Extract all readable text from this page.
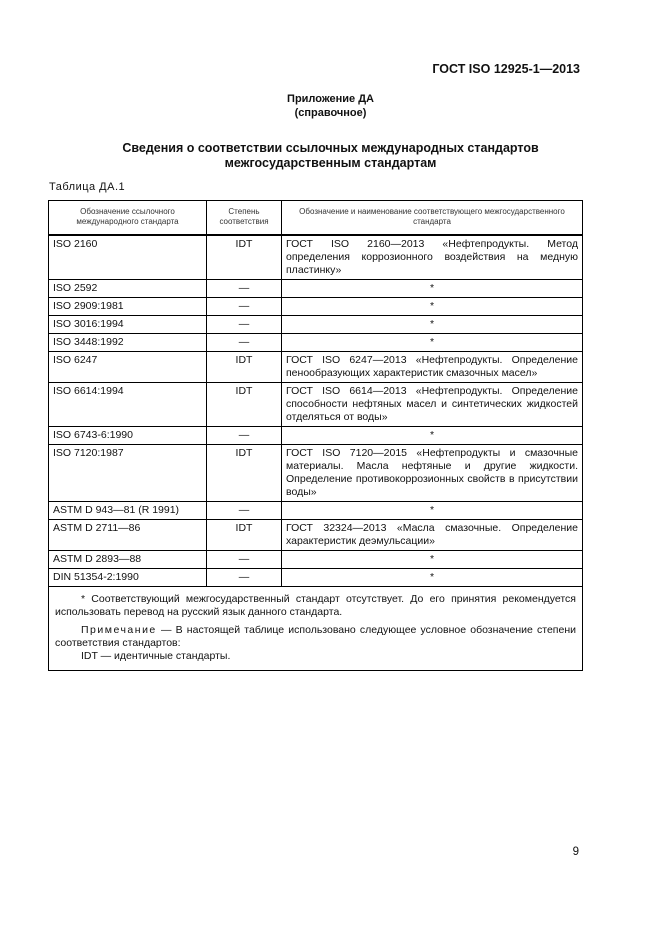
ГОСТ ISO 12925-1—2013
Приложение ДА
(справочное)
Сведения о соответствии ссылочных международных стандартов
межгосударственным стандартам
Таблица ДА.1
Обозначение ссылочного международного стандарта	Степень соответствия	Обозначение и наименование соответствующего межгосударственного стандарта
ISO 2160	IDT	ГОСТ ISO 2160—2013 «Нефтепродукты. Метод определения коррозионного воздействия на медную пластинку»
ISO 2592	—	*
ISO 2909:1981	—	*
ISO 3016:1994	—	*
ISO 3448:1992	—	*
ISO 6247	IDT	ГОСТ ISO 6247—2013 «Нефтепродукты. Определение пенообразующих характеристик смазочных масел»
ISO 6614:1994	IDT	ГОСТ ISO 6614—2013 «Нефтепродукты. Определение способности нефтяных масел и синтетических жидкостей отделяться от воды»
ISO 6743-6:1990	—	*
ISO 7120:1987	IDT	ГОСТ ISO 7120—2015 «Нефтепродукты и смазочные материалы. Масла нефтяные и другие жидкости. Определение противокоррозионных свойств в присутствии воды»
ASTM D 943—81 (R 1991)	—	*
ASTM D 2711—86	IDT	ГОСТ 32324—2013 «Масла смазочные. Определение характеристик деэмульсации»
ASTM D 2893—88	—	*
DIN 51354-2:1990	—	*

* Соответствующий межгосударственный стандарт отсутствует. До его принятия рекомендуется использовать перевод на русский язык данного стандарта.
Примечание — В настоящей таблице использовано следующее условное обозначение степени соответствия стандартов:
IDT — идентичные стандарты.		
9
